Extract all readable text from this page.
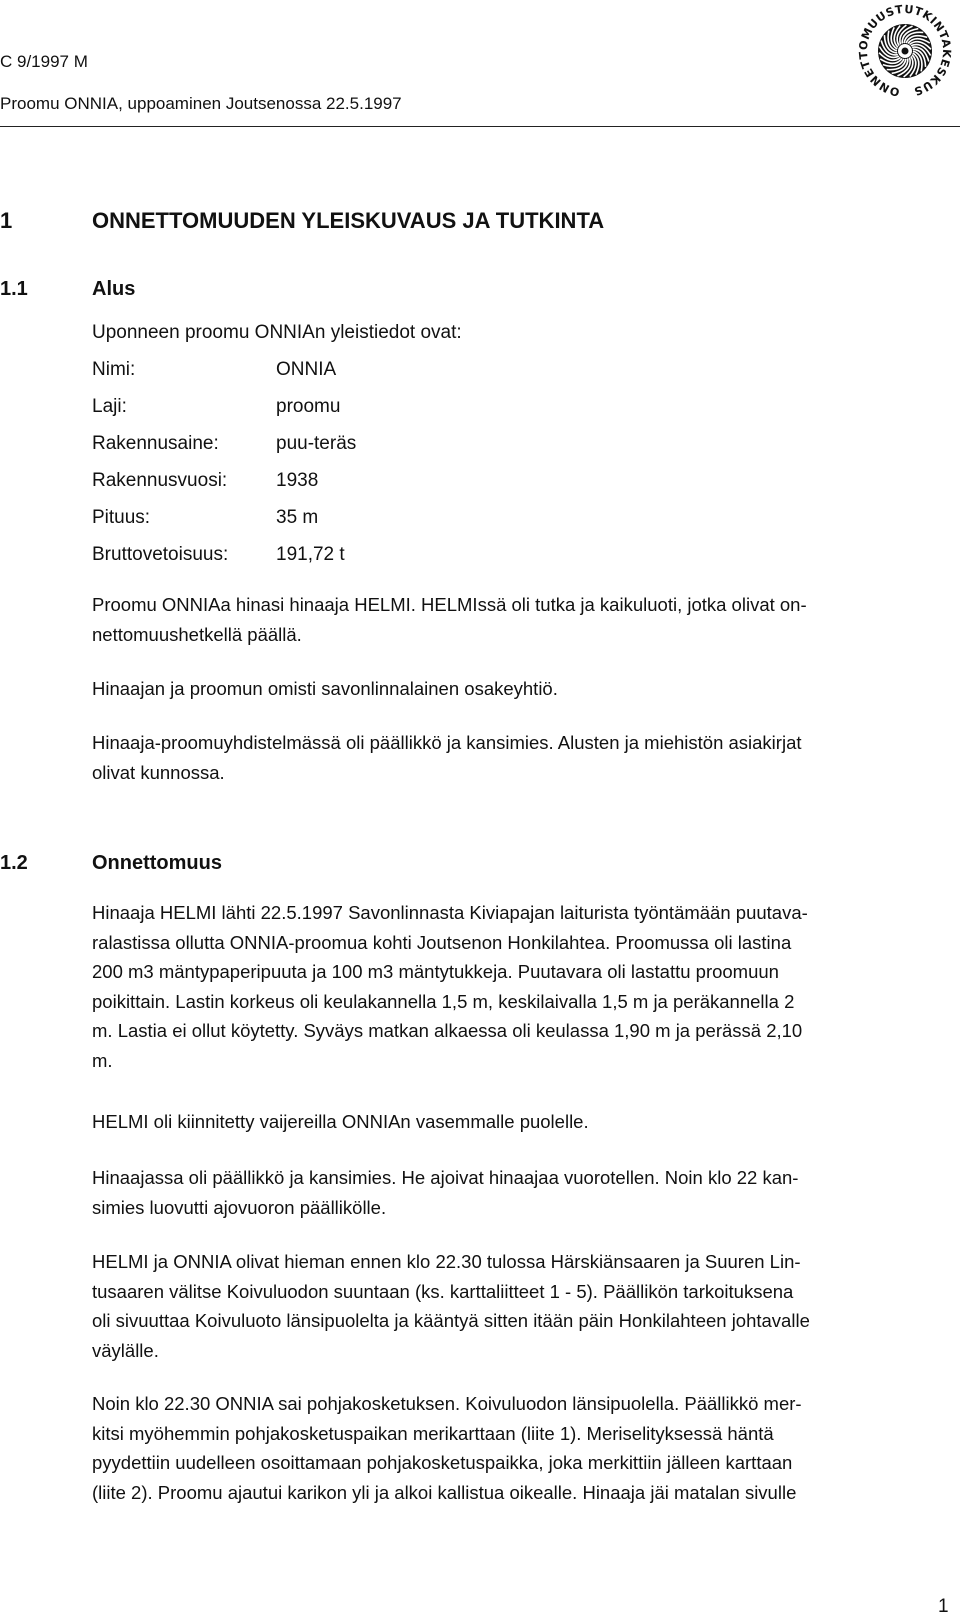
C 9/1997 M
Proomu ONNIA, uppoaminen Joutsenossa 22.5.1997
ONNETTOMUUSTUTKINTAKESKUS
1	ONNETTOMUUDEN YLEISKUVAUS JA TUTKINTA
1.1	Alus
Uponneen proomu ONNIAn yleistiedot ovat:
Nimi:	ONNIA
Laji:	proomu
Rakennusaine:	puu-teräs
Rakennusvuosi:	1938
Pituus:	35 m
Bruttovetoisuus:	191,72 t
Proomu ONNIAa hinasi hinaaja HELMI. HELMIssä oli tutka ja kaikuluoti, jotka olivat on-
nettomuushetkellä päällä.
Hinaajan ja proomun omisti savonlinnalainen osakeyhtiö.
Hinaaja-proomuyhdistelmässä oli päällikkö ja kansimies. Alusten ja miehistön asiakirjat
olivat kunnossa.
1.2	Onnettomuus
Hinaaja HELMI lähti 22.5.1997 Savonlinnasta Kiviapajan laiturista työntämään puutava-
ralastissa ollutta ONNIA-proomua kohti Joutsenon Honkilahtea. Proomussa oli lastina
200 m3 mäntypaperipuuta ja 100 m3 mäntytukkeja. Puutavara oli lastattu proomuun
poikittain. Lastin korkeus oli keulakannella 1,5 m, keskilaivalla 1,5 m ja peräkannella 2
m. Lastia ei ollut köytetty. Syväys matkan alkaessa oli keulassa 1,90 m ja perässä 2,10
m.
HELMI oli kiinnitetty vaijereilla ONNIAn vasemmalle puolelle.
Hinaajassa oli päällikkö ja kansimies. He ajoivat hinaajaa vuorotellen. Noin klo 22 kan-
simies luovutti ajovuoron päällikölle.
HELMI ja ONNIA olivat hieman ennen klo 22.30 tulossa Härskiänsaaren ja Suuren Lin-
tusaaren välitse Koivuluodon suuntaan (ks. karttaliitteet 1 - 5). Päällikön tarkoituksena
oli sivuuttaa Koivuluoto länsipuolelta ja kääntyä sitten itään päin Honkilahteen johtavalle
väylälle.
Noin klo 22.30 ONNIA sai pohjakosketuksen. Koivuluodon länsipuolella. Päällikkö mer-
kitsi myöhemmin pohjakosketuspaikan merikarttaan (liite 1). Meriselityksessä häntä
pyydettiin uudelleen osoittamaan pohjakosketuspaikka, joka merkittiin jälleen karttaan
(liite 2). Proomu ajautui karikon yli ja alkoi kallistua oikealle. Hinaaja jäi matalan sivulle
1
